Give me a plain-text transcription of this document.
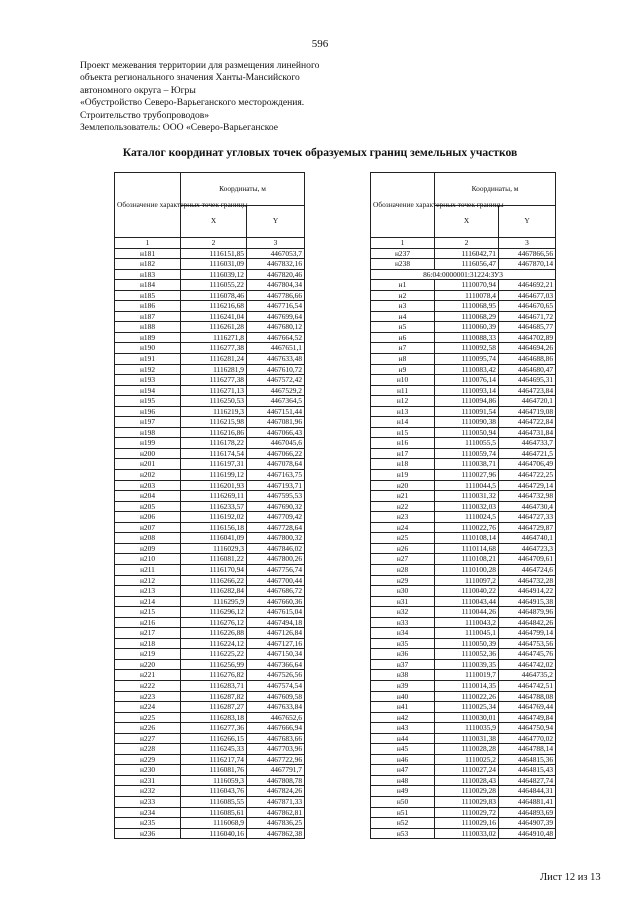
596
Проект межевания территории для размещения линейного
объекта регионального значения Ханты-Мансийского
автономного округа – Югры
«Обустройство Северо-Варьеганского месторождения.
Строительство трубопроводов»
Землепользователь: ООО «Северо-Варьеганское
Каталог координат угловых точек образуемых границ земельных участков
Обозначение характерных точек границы	Координаты, м	
	X	Y
1	2	3
н181	1116151,85	4467053,7
н182	1116031,09	4467832,16
н183	1116039,12	4467820,46
н184	1116055,22	4467804,34
н185	1116078,46	4467786,66
н186	1116216,68	4467716,54
н187	1116241,04	4467699,64
н188	1116261,28	4467680,12
н189	1116271,8	4467664,52
н190	1116277,38	4467651,1
н191	1116281,24	4467633,48
н192	1116281,9	4467610,72
н193	1116277,38	4467572,42
н194	1116271,13	4467529,2
н195	1116250,53	4467364,5
н196	1116219,3	4467151,44
н197	1116215,98	4467081,96
н198	1116216,86	4467066,43
н199	1116178,22	4467045,6
н200	1116174,54	4467066,22
н201	1116197,31	4467078,64
н202	1116199,12	4467163,75
н203	1116201,93	4467193,71
н204	1116269,11	4467595,53
н205	1116233,57	4467690,32
н206	1116192,02	4467709,42
н207	1116156,18	4467728,64
н208	1116041,09	4467800,32
н209	1116029,3	4467846,02
н210	1116081,22	4467800,26
н211	1116170,94	4467756,74
н212	1116266,22	4467700,44
н213	1116282,84	4467686,72
н214	1116295,9	4467660,36
н215	1116296,12	4467615,04
н216	1116276,12	4467494,18
н217	1116226,88	4467126,84
н218	1116224,12	4467127,16
н219	1116225,22	4467150,34
н220	1116256,99	4467366,64
н221	1116276,82	4467526,56
н222	1116283,71	4467574,54
н223	1116287,82	4467609,58
н224	1116287,27	4467633,84
н225	1116283,18	4467652,6
н226	1116277,36	4467666,94
н227	1116266,15	4467683,66
н228	1116245,33	4467703,96
н229	1116217,74	4467722,96
н230	1116081,76	4467791,7
н231	1116059,3	4467808,78
н232	1116043,76	4467824,26
н233	1116085,55	4467871,33
н234	1116085,61	4467862,81
н235	1116068,9	4467836,25
н236	1116040,16	4467862,38
Обозначение характерных точек границы	Координаты, м	
	X	Y
1	2	3
н237	1116042,71	4467866,56
н238	1116056,47	4467870,14
86:04:0000001:31224:ЗУ3		
н1	1110070,94	4464692,21
н2	1110078,4	4464677,03
н3	1110068,95	4464670,65
н4	1110068,29	4464671,72
н5	1110060,39	4464685,77
н6	1110088,33	4464702,89
н7	1110092,58	4464694,26
н8	1110095,74	4464688,86
н9	1110083,42	4464680,47
н10	1110076,14	4464695,31
н11	1110093,14	4464723,84
н12	1110094,86	4464720,1
н13	1110091,54	4464719,08
н14	1110090,38	4464722,84
н15	1110050,94	4464731,84
н16	1110055,5	4464733,7
н17	1110059,74	4464721,5
н18	1110038,71	4464706,49
н19	1110027,96	4464722,25
н20	1110044,5	4464729,14
н21	1110031,32	4464732,98
н22	1110032,03	4464730,4
н23	1110024,5	4464727,33
н24	1110022,76	4464729,87
н25	1110108,14	4464740,1
н26	1110114,68	4464723,3
н27	1110108,21	4464709,61
н28	1110100,28	4464724,6
н29	1110097,2	4464732,28
н30	1110040,22	4464914,22
н31	1110043,44	4464915,38
н32	1110044,26	4464879,96
н33	1110043,2	4464842,26
н34	1110045,1	4464799,14
н35	1110050,39	4464753,56
н36	1110052,36	4464745,76
н37	1110039,35	4464742,02
н38	1110019,7	4464735,2
н39	1110014,35	4464742,51
н40	1110022,26	4464788,08
н41	1110025,34	4464769,44
н42	1110030,01	4464749,84
н43	1110035,9	4464750,94
н44	1110031,38	4464770,02
н45	1110028,28	4464788,14
н46	1110025,2	4464815,36
н47	1110027,24	4464815,43
н48	1110028,43	4464827,74
н49	1110029,28	4464844,31
н50	1110029,83	4464881,41
н51	1110029,72	4464893,69
н52	1110029,16	4464907,39
н53	1110033,02	4464910,48
Лист 12 из 13
